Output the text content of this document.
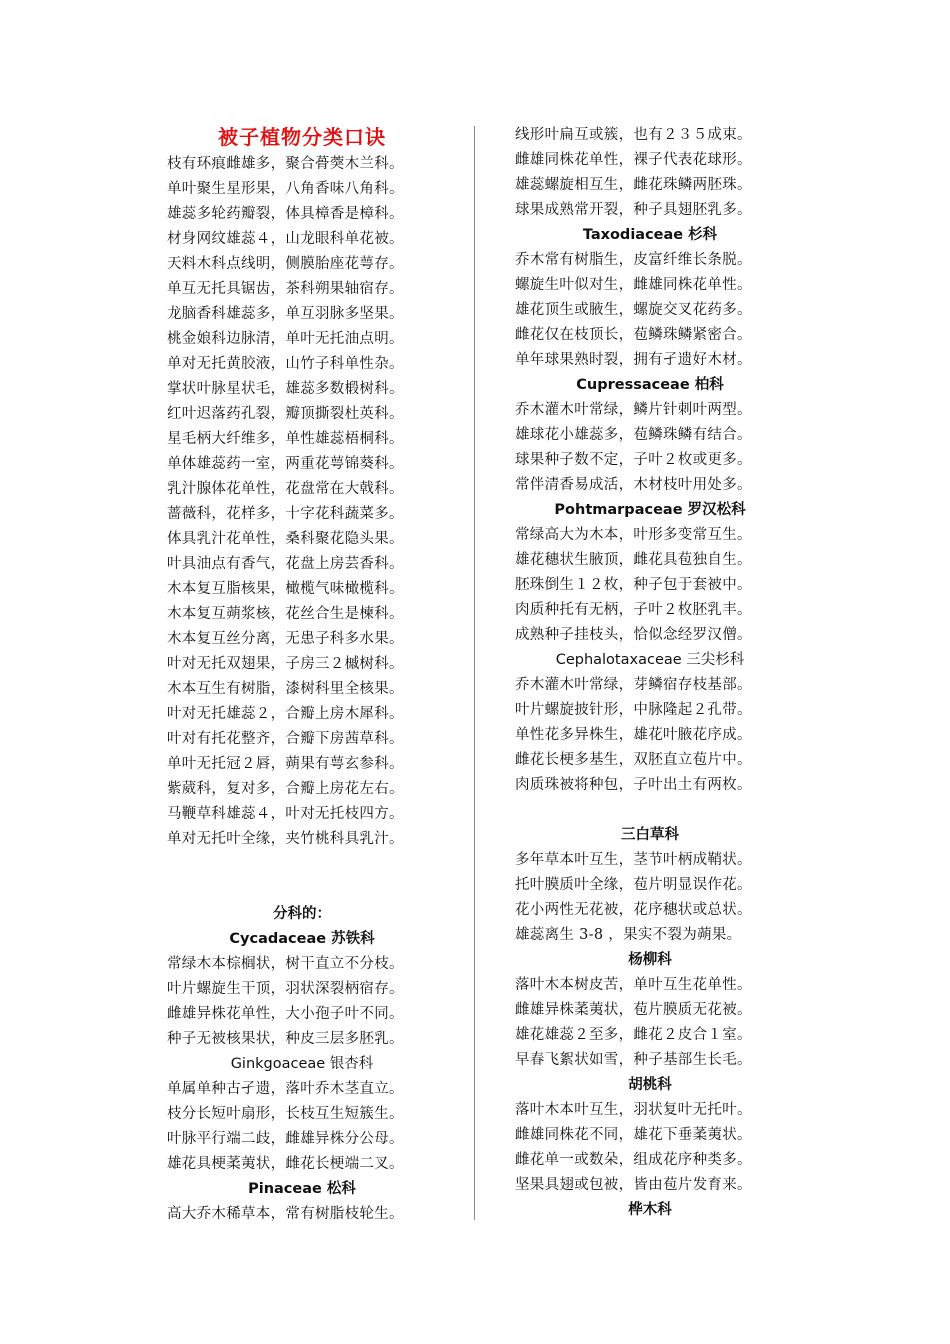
被子植物分类口诀
枝有环痕雌雄多，聚合蓇葖木兰科。
单叶聚生星形果，八角香味八角科。
雄蕊多轮药瓣裂，体具樟香是樟科。
材身网纹雄蕊４，山龙眼科单花被。
天料木科点线明，侧膜胎座花萼存。
单互无托具锯齿，茶科朔果轴宿存。
龙脑香科雄蕊多，单互羽脉多坚果。
桃金娘科边脉清，单叶无托油点明。
单对无托黄胶液，山竹子科单性杂。
掌状叶脉星状毛，雄蕊多数椴树科。
红叶迟落药孔裂，瓣顶撕裂杜英科。
星毛柄大纤维多，单性雄蕊梧桐科。
单体雄蕊药一室，两重花萼锦葵科。
乳汁腺体花单性，花盘常在大戟科。
蔷薇科，花样多，十字花科蔬菜多。
体具乳汁花单性，桑科聚花隐头果。
叶具油点有香气，花盘上房芸香科。
木本复互脂核果，橄榄气味橄榄科。
木本复互蒴浆核，花丝合生是楝科。
木本复互丝分离，无患子科多水果。
叶对无托双翅果，子房三２槭树科。
木本互生有树脂，漆树科里全核果。
叶对无托雄蕊２，合瓣上房木犀科。
叶对有托花整齐，合瓣下房茜草科。
单叶无托冠２唇，蒴果有萼玄参科。
紫葳科，复对多，合瓣上房花左右。
马鞭草科雄蕊４，叶对无托枝四方。
单对无托叶全缘，夹竹桃科具乳汁。
分科的：
Cycadaceae 苏铁科
常绿木本棕榈状，树干直立不分枝。
叶片螺旋生干顶，羽状深裂柄宿存。
雌雄异株花单性，大小孢子叶不同。
种子无被核果状，种皮三层多胚乳。
Ginkgoaceae 银杏科
单属单种古孑遗，落叶乔木茎直立。
枝分长短叶扇形，长枝互生短簇生。
叶脉平行端二歧，雌雄异株分公母。
雄花具梗葇荑状，雌花长梗端二叉。
Pinaceae 松科
高大乔木稀草本，常有树脂枝轮生。
线形叶扁互或簇，也有２３５成束。
雌雄同株花单性，裸子代表花球形。
雄蕊螺旋相互生，雌花珠鳞两胚珠。
球果成熟常开裂，种子具翅胚乳多。
Taxodiaceae 杉科
乔木常有树脂生，皮富纤维长条脱。
螺旋生叶似对生，雌雄同株花单性。
雄花顶生或腋生，螺旋交叉花药多。
雌花仅在枝顶长，苞鳞珠鳞紧密合。
单年球果熟时裂，拥有孑遗好木材。
Cupressaceae 柏科
乔木灌木叶常绿，鳞片针刺叶两型。
雄球花小雄蕊多，苞鳞珠鳞有结合。
球果种子数不定，子叶２枚或更多。
常伴清香易成活，木材枝叶用处多。
Pohtmarpaceae 罗汉松科
常绿高大为木本，叶形多变常互生。
雄花穗状生腋顶，雌花具苞独自生。
胚珠倒生１２枚，种子包于套被中。
肉质种托有无柄，子叶２枚胚乳丰。
成熟种子挂枝头，恰似念经罗汉僧。
Cephalotaxaceae 三尖杉科
乔木灌木叶常绿，芽鳞宿存枝基部。
叶片螺旋披针形，中脉隆起２孔带。
单性花多异株生，雄花叶腋花序成。
雌花长梗多基生，双胚直立苞片中。
肉质珠被将种包，子叶出土有两枚。
三白草科
多年草本叶互生，茎节叶柄成鞘状。
托叶膜质叶全缘，苞片明显误作花。
花小两性无花被，花序穗状或总状。
雄蕊离生 3-8 ，果实不裂为蒴果。
杨柳科
落叶木本树皮苦，单叶互生花单性。
雌雄异株葇荑状，苞片膜质无花被。
雄花雄蕊２至多，雌花２皮合１室。
早春飞絮状如雪，种子基部生长毛。
胡桃科
落叶木本叶互生，羽状复叶无托叶。
雌雄同株花不同，雄花下垂葇荑状。
雌花单一或数朵，组成花序种类多。
坚果具翅或包被，皆由苞片发育来。
桦木科
